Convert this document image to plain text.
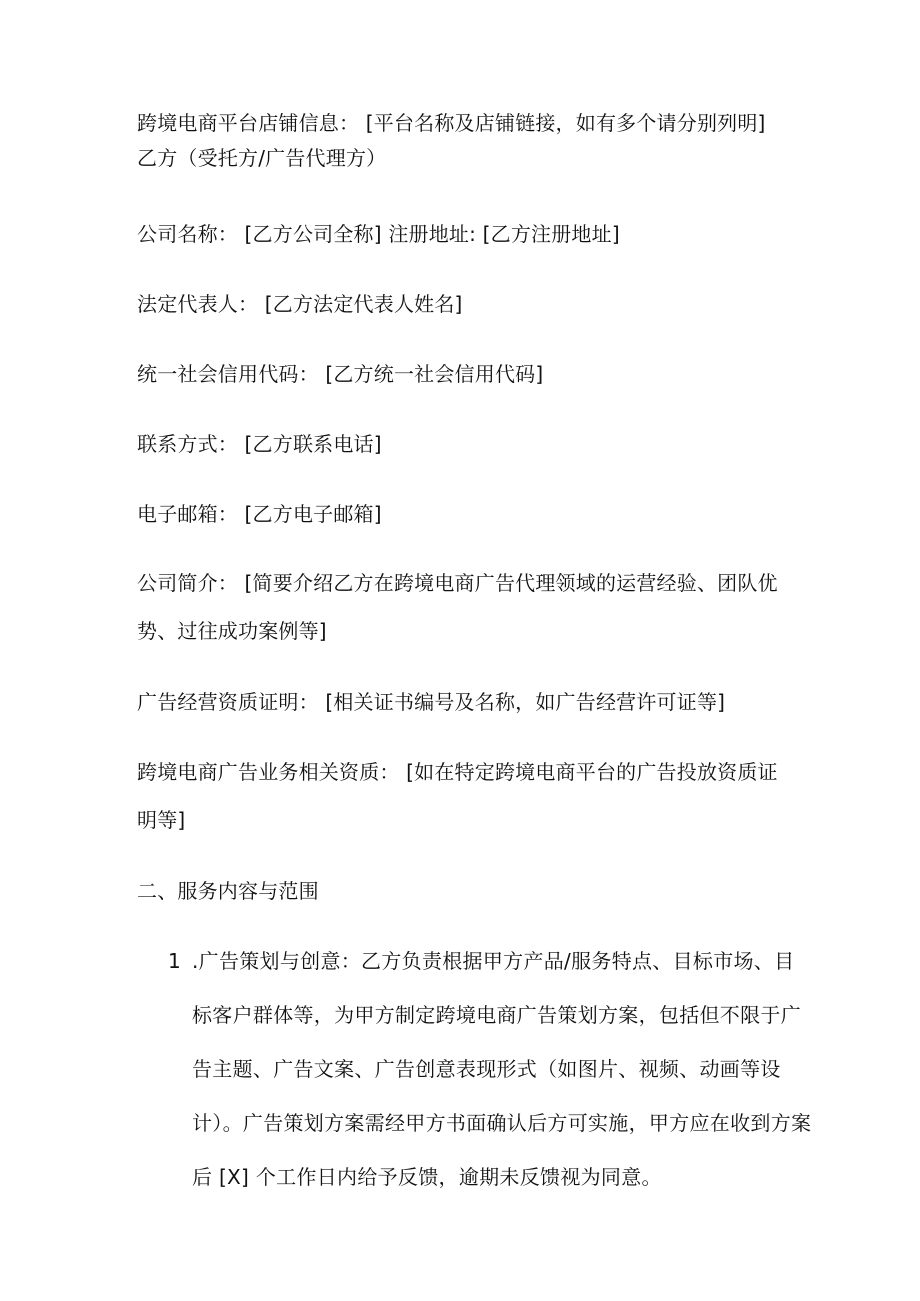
跨境电商平台店铺信息： [平台名称及店铺链接，如有多个请分别列明]
乙方（受托方/广告代理方）
公司名称： [乙方公司全称] 注册地址: [乙方注册地址]
法定代表人： [乙方法定代表人姓名]
统一社会信用代码： [乙方统一社会信用代码]
联系方式： [乙方联系电话]
电子邮箱： [乙方电子邮箱]
公司简介： [简要介绍乙方在跨境电商广告代理领域的运营经验、团队优
势、过往成功案例等]
广告经营资质证明： [相关证书编号及名称，如广告经营许可证等]
跨境电商广告业务相关资质： [如在特定跨境电商平台的广告投放资质证
明等]
二、服务内容与范围
1 .广告策划与创意：乙方负责根据甲方产品/服务特点、目标市场、目标客户群体等，为甲方制定跨境电商广告策划方案，包括但不限于广告主题、广告文案、广告创意表现形式（如图片、视频、动画等设计）。广告策划方案需经甲方书面确认后方可实施，甲方应在收到方案后 [X] 个工作日内给予反馈，逾期未反馈视为同意。
